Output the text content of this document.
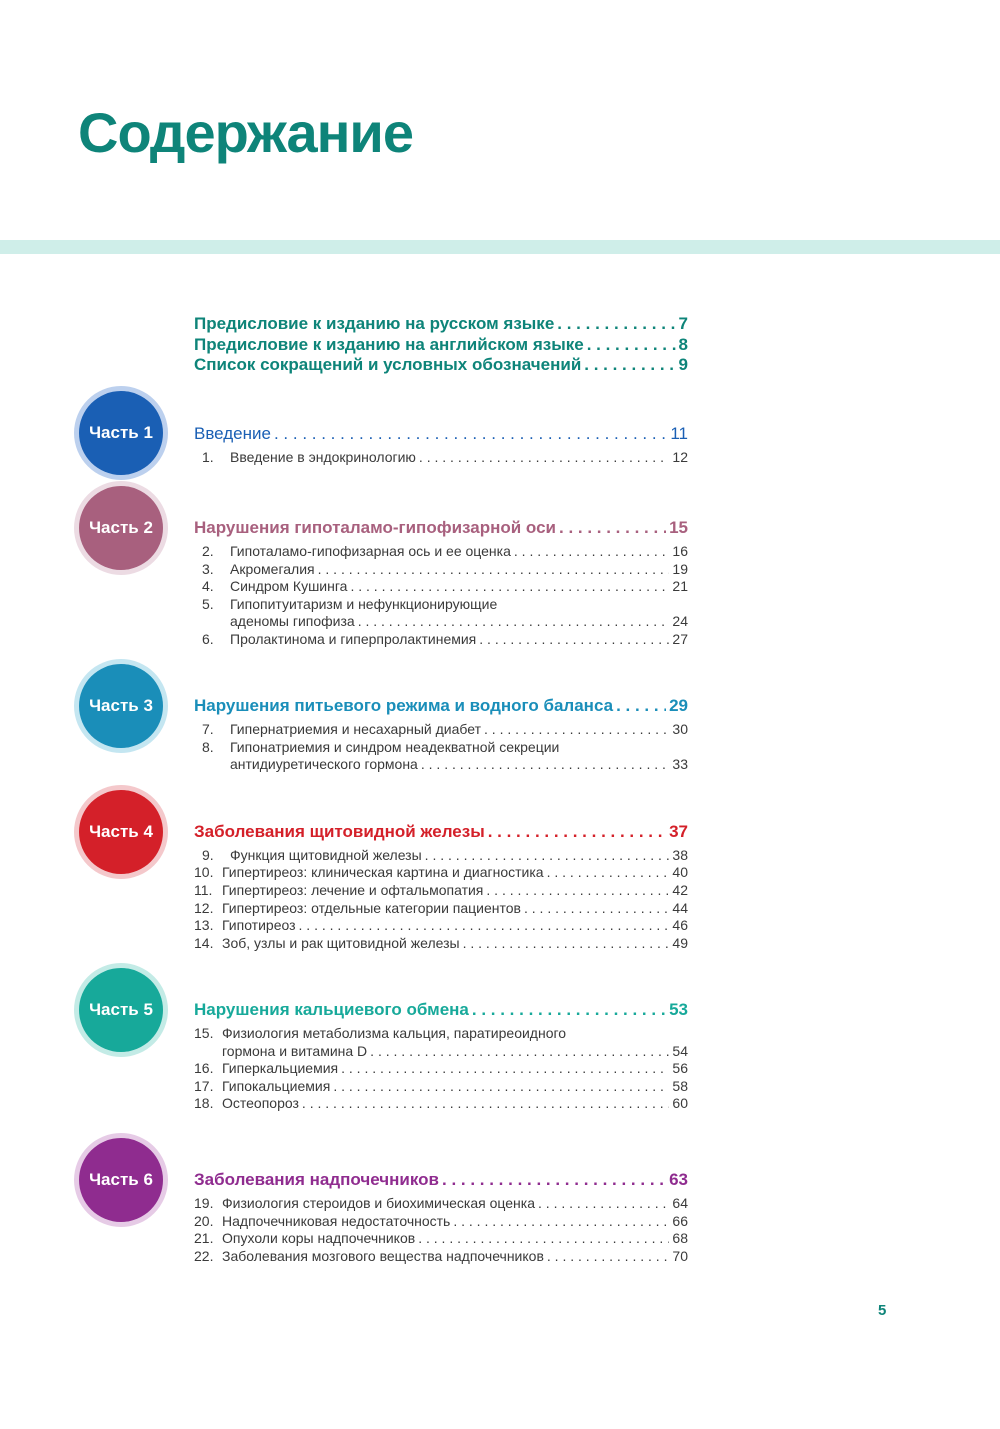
Содержание
Предисловие к изданию на русском языке . . .	7
Предисловие к изданию на английском языке . . .	8
Список сокращений и условных обозначений . . .	9
Часть 1	Введение . . .	11
1. Введение в эндокринологию . . .	12
Часть 2	Нарушения гипоталамо-гипофизарной оси . . .	15
2. Гипоталамо-гипофизарная ось и ее оценка . . .	16
3. Акромегалия . . .	19
4. Синдром Кушинга . . .	21
5. Гипопитуитаризм и нефункционирующие
аденомы гипофиза . . .	24
6. Пролактинома и гиперпролактинемия . . .	27
Часть 3	Нарушения питьевого режима и водного баланса . . .	29
7. Гипернатриемия и несахарный диабет . . .	30
8. Гипонатриемия и синдром неадекватной секреции
антидиуретического гормона . . .	33
Часть 4	Заболевания щитовидной железы . . .	37
9. Функция щитовидной железы . . .	38
10. Гипертиреоз: клиническая картина и диагностика . . .	40
11. Гипертиреоз: лечение и офтальмопатия . . .	42
12. Гипертиреоз: отдельные категории пациентов . . .	44
13. Гипотиреоз . . .	46
14. Зоб, узлы и рак щитовидной железы . . .	49
Часть 5	Нарушения кальциевого обмена . . .	53
15. Физиология метаболизма кальция, паратиреоидного
гормона и витамина D . . .	54
16. Гиперкальциемия . . .	56
17. Гипокальциемия . . .	58
18. Остеопороз . . .	60
Часть 6	Заболевания надпочечников . . .	63
19. Физиология стероидов и биохимическая оценка . . .	64
20. Надпочечниковая недостаточность . . .	66
21. Опухоли коры надпочечников . . .	68
22. Заболевания мозгового вещества надпочечников . . .	70
5
